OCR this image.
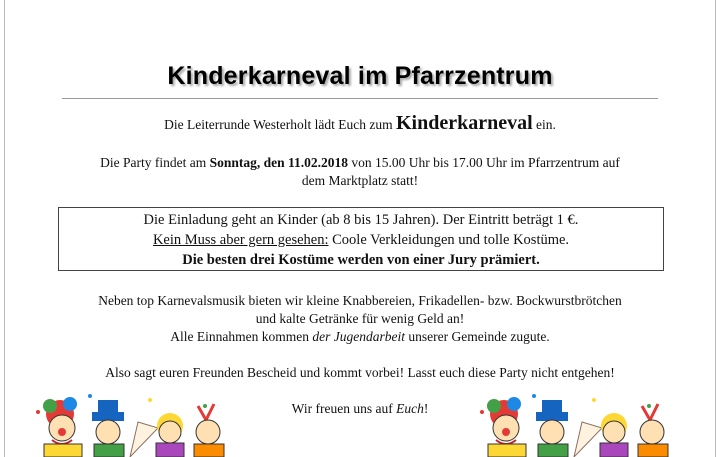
Kinderkarneval im Pfarrzentrum
Die Leiterrunde Westerholt lädt Euch zum Kinderkarneval ein.
Die Party findet am Sonntag, den 11.02.2018 von 15.00 Uhr bis 17.00 Uhr im Pfarrzentrum auf
dem Marktplatz statt!
Die Einladung geht an Kinder (ab 8 bis 15 Jahren). Der Eintritt beträgt 1 €.
Kein Muss aber gern gesehen: Coole Verkleidungen und tolle Kostüme.
Die besten drei Kostüme werden von einer Jury prämiert.
Neben top Karnevalsmusik bieten wir kleine Knabbereien, Frikadellen- bzw. Bockwurstbrötchen
und kalte Getränke für wenig Geld an!
Alle Einnahmen kommen der Jugendarbeit unserer Gemeinde zugute.
Also sagt euren Freunden Bescheid und kommt vorbei! Lasst euch diese Party nicht entgehen!
Wir freuen uns auf Euch!
